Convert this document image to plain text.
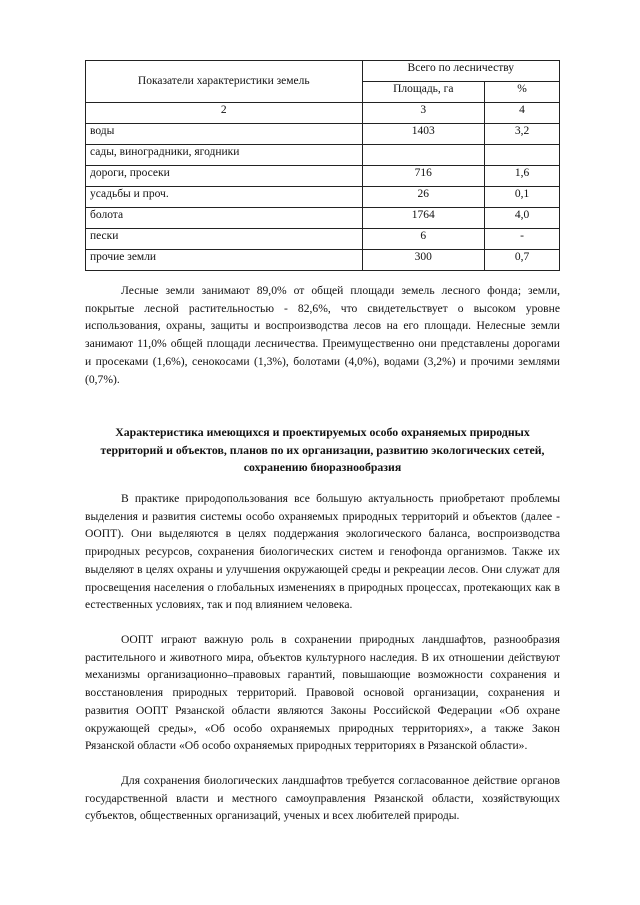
Показатели характеристики земель	Всего по лесничеству	
	Площадь, га	%
2	3	4
воды	1403	3,2
сады, виноградники, ягодники		
дороги, просеки	716	1,6
усадьбы и проч.	26	0,1
болота	1764	4,0
пески	6	-
прочие земли	300	0,7

Лесные земли занимают 89,0% от общей площади земель лесного фонда; земли, покрытые лесной растительностью - 82,6%, что свидетельствует о высоком уровне использования, охраны, защиты и воспроизводства лесов на его площади. Нелесные земли занимают 11,0% общей площади лесничества. Преимущественно они представлены дорогами и просеками (1,6%), сенокосами (1,3%), болотами (4,0%), водами (3,2%) и прочими землями (0,7%).

Характеристика имеющихся и проектируемых особо охраняемых природных территорий и объектов, планов по их организации, развитию экологических сетей, сохранению биоразнообразия

В практике природопользования все большую актуальность приобретают проблемы выделения и развития системы особо охраняемых природных территорий и объектов (далее - ООПТ). Они выделяются в целях поддержания экологического баланса, воспроизводства природных ресурсов, сохранения биологических систем и генофонда организмов. Также их выделяют в целях охраны и улучшения окружающей среды и рекреации лесов. Они служат для просвещения населения о глобальных изменениях в природных процессах, протекающих как в естественных условиях, так и под влиянием человека.

ООПТ играют важную роль в сохранении природных ландшафтов, разнообразия растительного и животного мира, объектов культурного наследия. В их отношении действуют механизмы организационно–правовых гарантий, повышающие возможности сохранения и восстановления природных территорий. Правовой основой организации, сохранения и развития ООПТ Рязанской области являются Законы Российской Федерации «Об охране окружающей среды», «Об особо охраняемых природных территориях», а также Закон Рязанской области «Об особо охраняемых природных территориях в Рязанской области».

Для сохранения биологических ландшафтов требуется согласованное действие органов государственной власти и местного самоуправления Рязанской области, хозяйствующих субъектов, общественных организаций, ученых и всех любителей природы.
